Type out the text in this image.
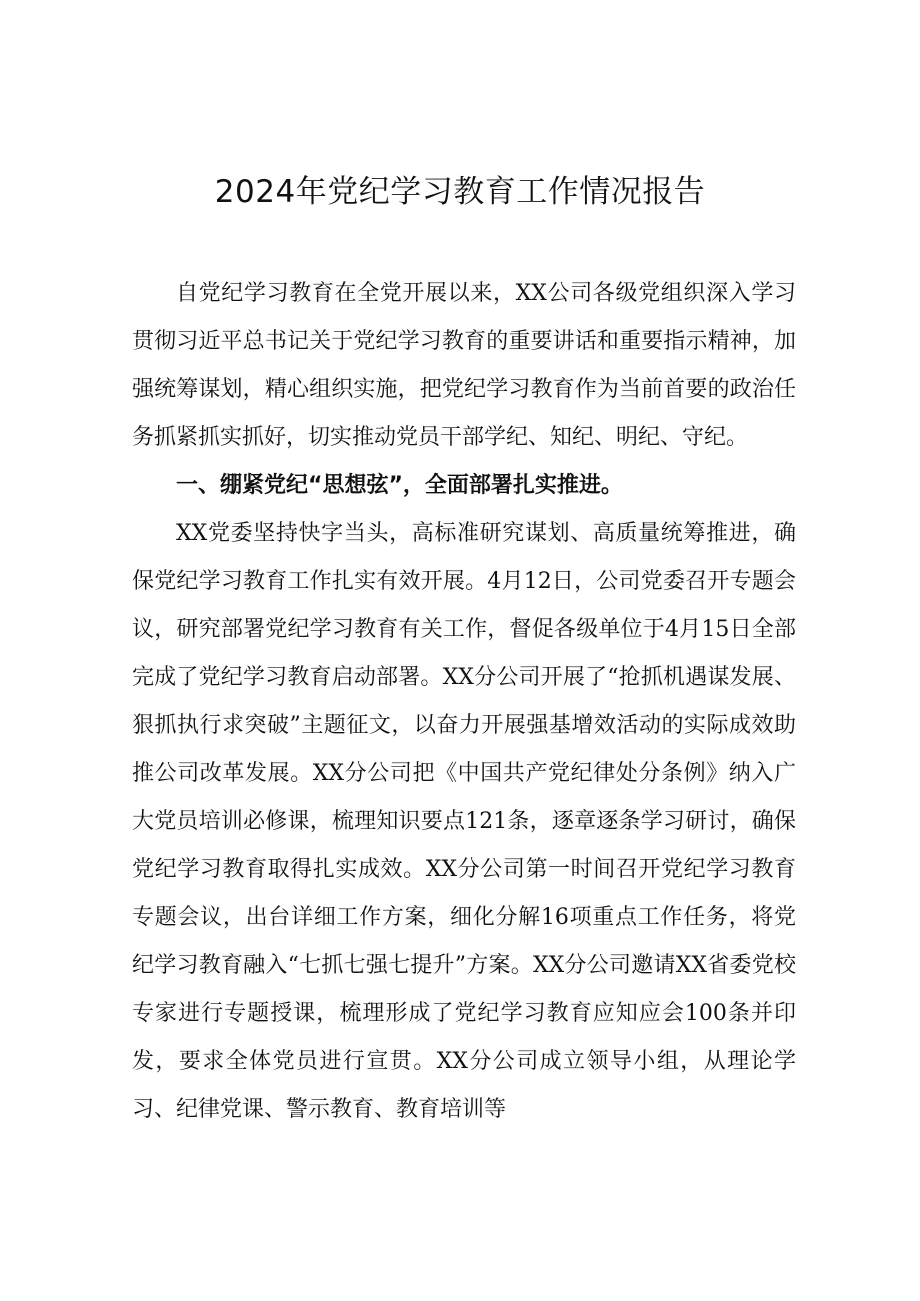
2024年党纪学习教育工作情况报告

自党纪学习教育在全党开展以来，XX公司各级党组织深入学习贯彻习近平总书记关于党纪学习教育的重要讲话和重要指示精神，加强统筹谋划，精心组织实施，把党纪学习教育作为当前首要的政治任务抓紧抓实抓好，切实推动党员干部学纪、知纪、明纪、守纪。

一、绷紧党纪“思想弦”，全面部署扎实推进。

XX党委坚持快字当头，高标准研究谋划、高质量统筹推进，确保党纪学习教育工作扎实有效开展。4月12日，公司党委召开专题会议，研究部署党纪学习教育有关工作，督促各级单位于4月15日全部完成了党纪学习教育启动部署。XX分公司开展了“抢抓机遇谋发展、狠抓执行求突破”主题征文，以奋力开展强基增效活动的实际成效助推公司改革发展。XX分公司把《中国共产党纪律处分条例》纳入广大党员培训必修课，梳理知识要点121条，逐章逐条学习研讨，确保党纪学习教育取得扎实成效。XX分公司第一时间召开党纪学习教育专题会议，出台详细工作方案，细化分解16项重点工作任务，将党纪学习教育融入“七抓七强七提升”方案。XX分公司邀请XX省委党校专家进行专题授课，梳理形成了党纪学习教育应知应会100条并印发，要求全体党员进行宣贯。XX分公司成立领导小组，从理论学习、纪律党课、警示教育、教育培训等
